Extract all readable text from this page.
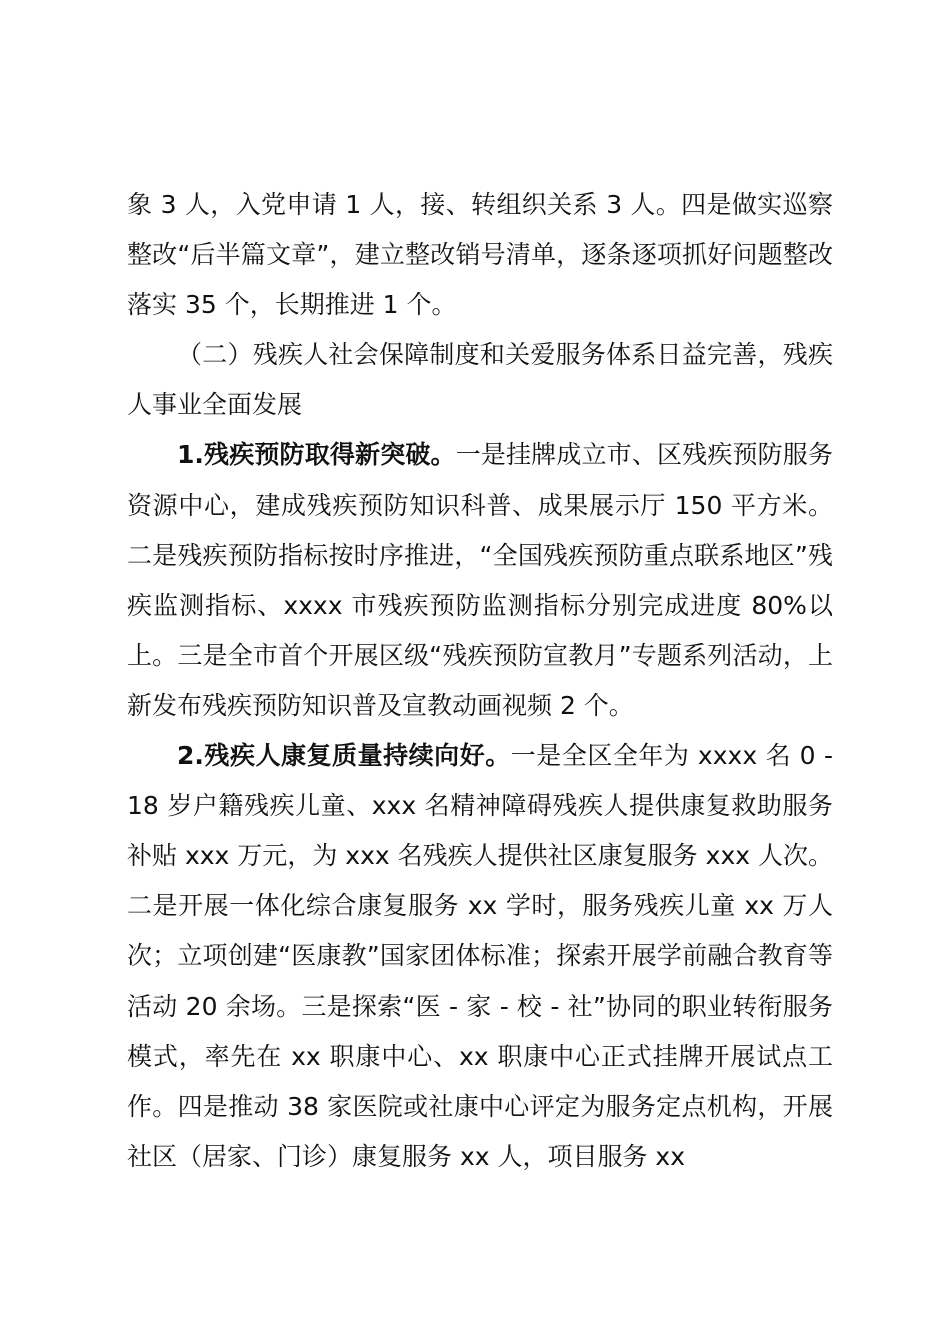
象 3 人，入党申请 1 人，接、转组织关系 3 人。四是做实巡察整改“后半篇文章”，建立整改销号清单，逐条逐项抓好问题整改落实 35 个，长期推进 1 个。

（二）残疾人社会保障制度和关爱服务体系日益完善，残疾人事业全面发展

1.残疾预防取得新突破。一是挂牌成立市、区残疾预防服务资源中心，建成残疾预防知识科普、成果展示厅 150 平方米。二是残疾预防指标按时序推进，“全国残疾预防重点联系地区”残疾监测指标、xxxx 市残疾预防监测指标分别完成进度 80%以上。三是全市首个开展区级“残疾预防宣教月”专题系列活动，上新发布残疾预防知识普及宣教动画视频 2 个。

2.残疾人康复质量持续向好。一是全区全年为 xxxx 名 0 - 18 岁户籍残疾儿童、xxx 名精神障碍残疾人提供康复救助服务补贴 xxx 万元，为 xxx 名残疾人提供社区康复服务 xxx 人次。二是开展一体化综合康复服务 xx 学时，服务残疾儿童 xx 万人次；立项创建“医康教”国家团体标准；探索开展学前融合教育等活动 20 余场。三是探索“医 - 家 - 校 - 社”协同的职业转衔服务模式，率先在 xx 职康中心、xx 职康中心正式挂牌开展试点工作。四是推动 38 家医院或社康中心评定为服务定点机构，开展社区（居家、门诊）康复服务 xx 人，项目服务 xx
